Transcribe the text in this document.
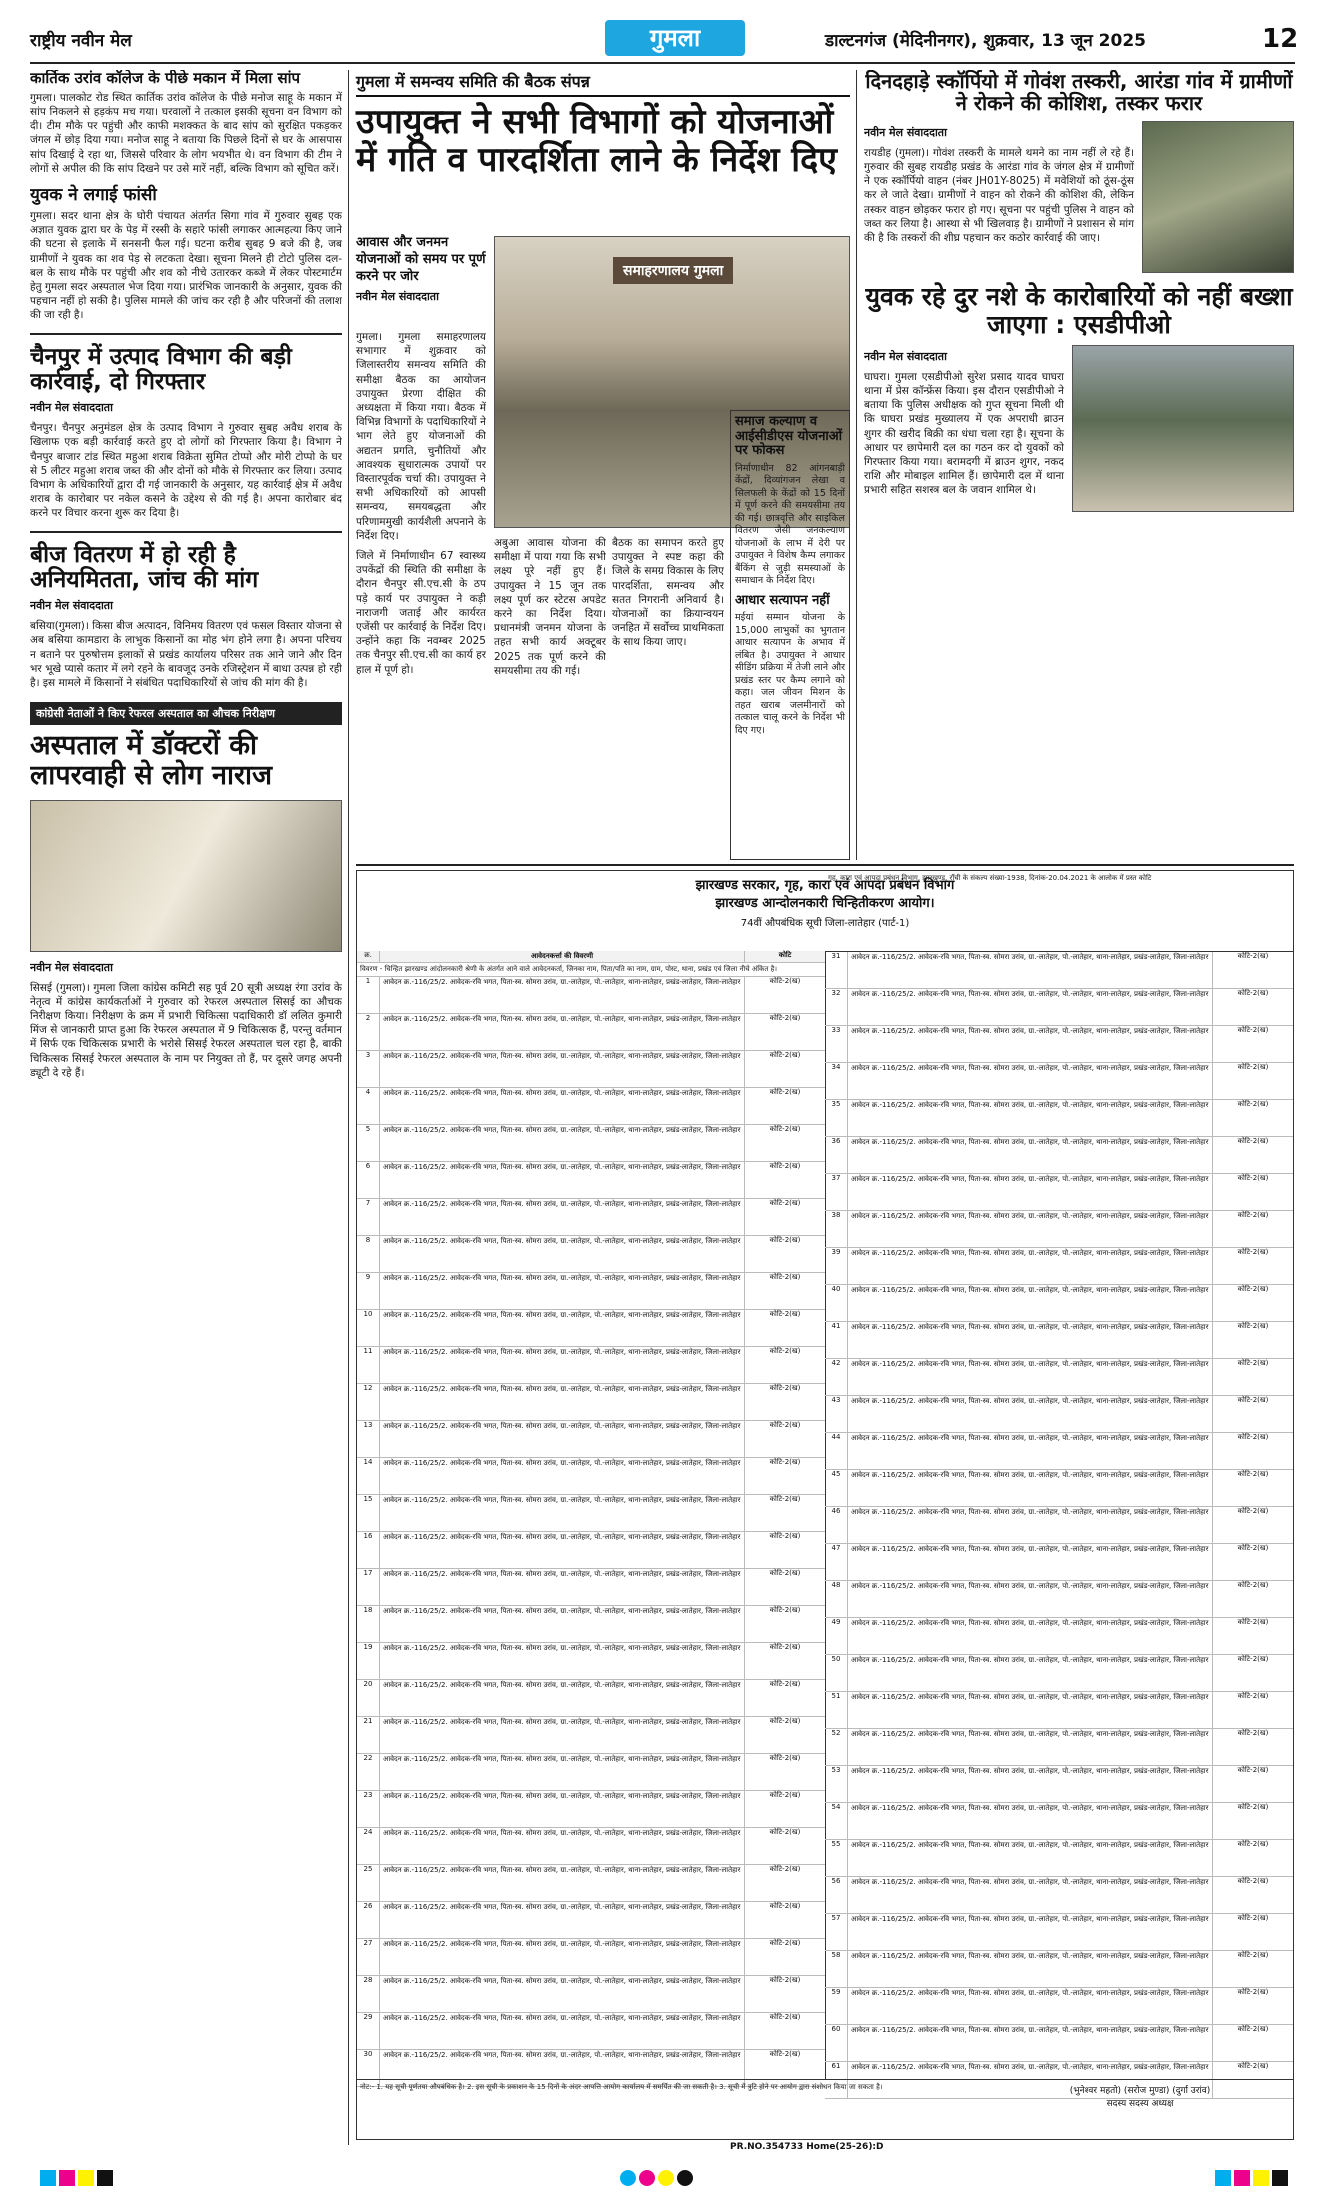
राष्ट्रीय नवीन मेल	गुमला	डाल्टनगंज (मेदिनीनगर), शुक्रवार, 13 जून 2025	12
कार्तिक उरांव कॉलेज के पीछे मकान में मिला सांप

गुमला। पालकोट रोड स्थित कार्तिक उरांव कॉलेज के पीछे मनोज साहू के मकान में सांप निकलने से हड़कंप मच गया। घरवालों ने तत्काल इसकी सूचना वन विभाग को दी। टीम मौके पर पहुंची और काफी मशक्कत के बाद सांप को सुरक्षित पकड़कर जंगल में छोड़ दिया गया। मनोज साहू ने बताया कि पिछले दिनों से घर के आसपास सांप दिखाई दे रहा था, जिससे परिवार के लोग भयभीत थे। वन विभाग की टीम ने लोगों से अपील की कि सांप दिखने पर उसे मारें नहीं, बल्कि विभाग को सूचित करें।

युवक ने लगाई फांसी

गुमला। सदर थाना क्षेत्र के घोरी पंचायत अंतर्गत सिगा गांव में गुरुवार सुबह एक अज्ञात युवक द्वारा घर के पेड़ में रस्सी के सहारे फांसी लगाकर आत्महत्या किए जाने की घटना से इलाके में सनसनी फैल गई। घटना करीब सुबह 9 बजे की है, जब ग्रामीणों ने युवक का शव पेड़ से लटकता देखा। सूचना मिलने ही टोटो पुलिस दल-बल के साथ मौके पर पहुंची और शव को नीचे उतारकर कब्जे में लेकर पोस्टमार्टम हेतु गुमला सदर अस्पताल भेज दिया गया। प्रारंभिक जानकारी के अनुसार, युवक की पहचान नहीं हो सकी है। पुलिस मामले की जांच कर रही है और परिजनों की तलाश की जा रही है।

चैनपुर में उत्पाद विभाग की बड़ी कार्रवाई, दो गिरफ्तार
नवीन मेल संवाददाता

चैनपुर। चैनपुर अनुमंडल क्षेत्र के उत्पाद विभाग ने गुरुवार सुबह अवैध शराब के खिलाफ एक बड़ी कार्रवाई करते हुए दो लोगों को गिरफ्तार किया है। विभाग ने चैनपुर बाजार टांड स्थित महुआ शराब विक्रेता सुमित टोप्पो और मोरी टोप्पो के घर से 5 लीटर महुआ शराब जब्त की और दोनों को मौके से गिरफ्तार कर लिया। उत्पाद विभाग के अधिकारियों द्वारा दी गई जानकारी के अनुसार, यह कार्रवाई क्षेत्र में अवैध शराब के कारोबार पर नकेल कसने के उद्देश्य से की गई है। अपना कारोबार बंद करने पर विचार करना शुरू कर दिया है।

बीज वितरण में हो रही है अनियमितता, जांच की मांग
नवीन मेल संवाददाता

बसिया(गुमला)। किसा बीज अत्पादन, विनिमय वितरण एवं फसल विस्तार योजना से अब बसिया कामडारा के लाभुक किसानों का मोह भंग होने लगा है। अपना परिचय न बताने पर पुरुषोत्तम इलाकों से प्रखंड कार्यालय परिसर तक आने जाने और दिन भर भूखे प्यासे कतार में लगे रहने के बावजूद उनके रजिस्ट्रेशन में बाधा उत्पन्न हो रही है। इस मामले में किसानों ने संबंधित पदाधिकारियों से जांच की मांग की है।

कांग्रेसी नेताओं ने किए रेफरल अस्पताल का औचक निरीक्षण
अस्पताल में डॉक्टरों की लापरवाही से लोग नाराज
नवीन मेल संवाददाता

सिसई (गुमला)। गुमला जिला कांग्रेस कमिटी सह पूर्व 20 सूत्री अध्यक्ष रंगा उरांव के नेतृत्व में कांग्रेस कार्यकर्ताओं ने गुरुवार को रेफरल अस्पताल सिसई का औचक निरीक्षण किया। निरीक्षण के क्रम में प्रभारी चिकित्सा पदाधिकारी डॉ ललित कुमारी मिंज से जानकारी प्राप्त हुआ कि रेफरल अस्पताल में 9 चिकित्सक हैं, परन्तु वर्तमान में सिर्फ एक चिकित्सक प्रभारी के भरोसे सिसई रेफरल अस्पताल चल रहा है, बाकी चिकित्सक सिसई रेफरल अस्पताल के नाम पर नियुक्त तो हैं, पर दूसरे जगह अपनी ड्यूटी दे रहे हैं।

गुमला में समन्वय समिति की बैठक संपन्न
उपायुक्त ने सभी विभागों को योजनाओं में गति व पारदर्शिता लाने के निर्देश दिए
आवास और जनमन योजनाओं को समय पर पूर्ण करने पर जोर
नवीन मेल संवाददाता
समाहरणालय गुमला

गुमला। गुमला समाहरणालय सभागार में शुक्रवार को जिलास्तरीय समन्वय समिति की समीक्षा बैठक का आयोजन उपायुक्त प्रेरणा दीक्षित की अध्यक्षता में किया गया। बैठक में विभिन्न विभागों के पदाधिकारियों ने भाग लेते हुए योजनाओं की अद्यतन प्रगति, चुनौतियों और आवश्यक सुधारात्मक उपायों पर विस्तारपूर्वक चर्चा की। उपायुक्त ने सभी अधिकारियों को आपसी समन्वय, समयबद्धता और परिणाममुखी कार्यशैली अपनाने के निर्देश दिए।

जिले में निर्माणाधीन 67 स्वास्थ्य उपकेंद्रों की स्थिति की समीक्षा के दौरान चैनपुर सी.एच.सी के ठप पड़े कार्य पर उपायुक्त ने कड़ी नाराजगी जताई और कार्यरत एजेंसी पर कार्रवाई के निर्देश दिए। उन्होंने कहा कि नवम्बर 2025 तक चैनपुर सी.एच.सी का कार्य हर हाल में पूर्ण हो।

अबुआ आवास योजना की समीक्षा में पाया गया कि सभी लक्ष्य पूरे नहीं हुए हैं। उपायुक्त ने 15 जून तक लक्ष्य पूर्ण कर स्टेटस अपडेट करने का निर्देश दिया। प्रधानमंत्री जनमन योजना के तहत सभी कार्य अक्टूबर 2025 तक पूर्ण करने की समयसीमा तय की गई।

बैठक का समापन करते हुए उपायुक्त ने स्पष्ट कहा की जिले के समग्र विकास के लिए पारदर्शिता, समन्वय और सतत निगरानी अनिवार्य है। योजनाओं का क्रियान्वयन जनहित में सर्वोच्च प्राथमिकता के साथ किया जाए।

समाज कल्याण व आईसीडीएस योजनाओं पर फोकस

निर्माणाधीन 82 आंगनबाड़ी केंद्रों, दिव्यांगजन लेखा व सिलफली के केंद्रों को 15 दिनों में पूर्ण करने की समयसीमा तय की गई। छात्रवृत्ति और साइकिल वितरण जैसी जनकल्याण योजनाओं के लाभ में देरी पर उपायुक्त ने विशेष कैम्प लगाकर बैंकिंग से जुड़ी समस्याओं के समाधान के निर्देश दिए।

आधार सत्यापन नहीं

मईयां सम्मान योजना के 15,000 लाभुकों का भुगतान आधार सत्यापन के अभाव में लंबित है। उपायुक्त ने आधार सीडिंग प्रक्रिया में तेजी लाने और प्रखंड स्तर पर कैम्प लगाने को कहा। जल जीवन मिशन के तहत खराब जलमीनारों को तत्काल चालू करने के निर्देश भी दिए गए।

दिनदहाड़े स्कॉर्पियो में गोवंश तस्करी, आरंडा गांव में ग्रामीणों ने रोकने की कोशिश, तस्कर फरार
नवीन मेल संवाददाता

रायडीह (गुमला)। गोवंश तस्करी के मामले थमने का नाम नहीं ले रहे हैं। गुरुवार की सुबह रायडीह प्रखंड के आरंडा गांव के जंगल क्षेत्र में ग्रामीणों ने एक स्कॉर्पियो वाहन (नंबर JH01Y-8025) में मवेशियों को ठूंस-ठूंस कर ले जाते देखा। ग्रामीणों ने वाहन को रोकने की कोशिश की, लेकिन तस्कर वाहन छोड़कर फरार हो गए। सूचना पर पहुंची पुलिस ने वाहन को जब्त कर लिया है। आस्था से भी खिलवाड़ है। ग्रामीणों ने प्रशासन से मांग की है कि तस्करों की शीघ्र पहचान कर कठोर कार्रवाई की जाए।

युवक रहे दुर नशे के कारोबारियों को नहीं बख्शा जाएगा : एसडीपीओ
नवीन मेल संवाददाता

घाघरा। गुमला एसडीपीओ सुरेश प्रसाद यादव घाघरा थाना में प्रेस कॉन्फ्रेंस किया। इस दौरान एसडीपीओ ने बताया कि पुलिस अधीक्षक को गुप्त सूचना मिली थी कि घाघरा प्रखंड मुख्यालय में एक अपराधी ब्राउन शुगर की खरीद बिक्री का धंधा चला रहा है। सूचना के आधार पर छापेमारी दल का गठन कर दो युवकों को गिरफ्तार किया गया। बरामदगी में ब्राउन शुगर, नकद राशि और मोबाइल शामिल हैं। छापेमारी दल में थाना प्रभारी सहित सशस्त्र बल के जवान शामिल थे।

झारखण्ड सरकार, गृह, कारा एवं आपदा प्रबंधन विभाग
झारखण्ड आन्दोलनकारी चिन्हितीकरण आयोग।
74वीं औपबंधिक सूची जिला-लातेहार (पार्ट-1)
क्र.	आवेदनकर्त्ता की विवरणी	कोटि
विवरण - चिन्हित झारखण्ड आंदोलनकारी श्रेणी के अंतर्गत आने वाले आवेदनकर्ता, जिनका नाम, पिता/पति का नाम, ग्राम, पोस्ट, थाना, प्रखंड एवं जिला नीचे अंकित है।
1	आवेदन क्र.-116/25/2. आवेदक-रवि भगत, पिता-स्व. सोमरा उरांव, ग्रा.-लातेहार, पो.-लातेहार, थाना-लातेहार, प्रखंड-लातेहार, जिला-लातेहार	कोटि-2(ख)
2	आवेदन क्र.-116/25/2. आवेदक-रवि भगत, पिता-स्व. सोमरा उरांव, ग्रा.-लातेहार, पो.-लातेहार, थाना-लातेहार, प्रखंड-लातेहार, जिला-लातेहार	कोटि-2(ख)
3	आवेदन क्र.-116/25/2. आवेदक-रवि भगत, पिता-स्व. सोमरा उरांव, ग्रा.-लातेहार, पो.-लातेहार, थाना-लातेहार, प्रखंड-लातेहार, जिला-लातेहार	कोटि-2(ख)
4	आवेदन क्र.-116/25/2. आवेदक-रवि भगत, पिता-स्व. सोमरा उरांव, ग्रा.-लातेहार, पो.-लातेहार, थाना-लातेहार, प्रखंड-लातेहार, जिला-लातेहार	कोटि-2(ख)
5	आवेदन क्र.-116/25/2. आवेदक-रवि भगत, पिता-स्व. सोमरा उरांव, ग्रा.-लातेहार, पो.-लातेहार, थाना-लातेहार, प्रखंड-लातेहार, जिला-लातेहार	कोटि-2(ख)
6	आवेदन क्र.-116/25/2. आवेदक-रवि भगत, पिता-स्व. सोमरा उरांव, ग्रा.-लातेहार, पो.-लातेहार, थाना-लातेहार, प्रखंड-लातेहार, जिला-लातेहार	कोटि-2(ख)
7	आवेदन क्र.-116/25/2. आवेदक-रवि भगत, पिता-स्व. सोमरा उरांव, ग्रा.-लातेहार, पो.-लातेहार, थाना-लातेहार, प्रखंड-लातेहार, जिला-लातेहार	कोटि-2(ख)
8	आवेदन क्र.-116/25/2. आवेदक-रवि भगत, पिता-स्व. सोमरा उरांव, ग्रा.-लातेहार, पो.-लातेहार, थाना-लातेहार, प्रखंड-लातेहार, जिला-लातेहार	कोटि-2(ख)
9	आवेदन क्र.-116/25/2. आवेदक-रवि भगत, पिता-स्व. सोमरा उरांव, ग्रा.-लातेहार, पो.-लातेहार, थाना-लातेहार, प्रखंड-लातेहार, जिला-लातेहार	कोटि-2(ख)
10	आवेदन क्र.-116/25/2. आवेदक-रवि भगत, पिता-स्व. सोमरा उरांव, ग्रा.-लातेहार, पो.-लातेहार, थाना-लातेहार, प्रखंड-लातेहार, जिला-लातेहार	कोटि-2(ख)
11	आवेदन क्र.-116/25/2. आवेदक-रवि भगत, पिता-स्व. सोमरा उरांव, ग्रा.-लातेहार, पो.-लातेहार, थाना-लातेहार, प्रखंड-लातेहार, जिला-लातेहार	कोटि-2(ख)
12	आवेदन क्र.-116/25/2. आवेदक-रवि भगत, पिता-स्व. सोमरा उरांव, ग्रा.-लातेहार, पो.-लातेहार, थाना-लातेहार, प्रखंड-लातेहार, जिला-लातेहार	कोटि-2(ख)
13	आवेदन क्र.-116/25/2. आवेदक-रवि भगत, पिता-स्व. सोमरा उरांव, ग्रा.-लातेहार, पो.-लातेहार, थाना-लातेहार, प्रखंड-लातेहार, जिला-लातेहार	कोटि-2(ख)
14	आवेदन क्र.-116/25/2. आवेदक-रवि भगत, पिता-स्व. सोमरा उरांव, ग्रा.-लातेहार, पो.-लातेहार, थाना-लातेहार, प्रखंड-लातेहार, जिला-लातेहार	कोटि-2(ख)
15	आवेदन क्र.-116/25/2. आवेदक-रवि भगत, पिता-स्व. सोमरा उरांव, ग्रा.-लातेहार, पो.-लातेहार, थाना-लातेहार, प्रखंड-लातेहार, जिला-लातेहार	कोटि-2(ख)
16	आवेदन क्र.-116/25/2. आवेदक-रवि भगत, पिता-स्व. सोमरा उरांव, ग्रा.-लातेहार, पो.-लातेहार, थाना-लातेहार, प्रखंड-लातेहार, जिला-लातेहार	कोटि-2(ख)
17	आवेदन क्र.-116/25/2. आवेदक-रवि भगत, पिता-स्व. सोमरा उरांव, ग्रा.-लातेहार, पो.-लातेहार, थाना-लातेहार, प्रखंड-लातेहार, जिला-लातेहार	कोटि-2(ख)
18	आवेदन क्र.-116/25/2. आवेदक-रवि भगत, पिता-स्व. सोमरा उरांव, ग्रा.-लातेहार, पो.-लातेहार, थाना-लातेहार, प्रखंड-लातेहार, जिला-लातेहार	कोटि-2(ख)
19	आवेदन क्र.-116/25/2. आवेदक-रवि भगत, पिता-स्व. सोमरा उरांव, ग्रा.-लातेहार, पो.-लातेहार, थाना-लातेहार, प्रखंड-लातेहार, जिला-लातेहार	कोटि-2(ख)
20	आवेदन क्र.-116/25/2. आवेदक-रवि भगत, पिता-स्व. सोमरा उरांव, ग्रा.-लातेहार, पो.-लातेहार, थाना-लातेहार, प्रखंड-लातेहार, जिला-लातेहार	कोटि-2(ख)
21	आवेदन क्र.-116/25/2. आवेदक-रवि भगत, पिता-स्व. सोमरा उरांव, ग्रा.-लातेहार, पो.-लातेहार, थाना-लातेहार, प्रखंड-लातेहार, जिला-लातेहार	कोटि-2(ख)
22	आवेदन क्र.-116/25/2. आवेदक-रवि भगत, पिता-स्व. सोमरा उरांव, ग्रा.-लातेहार, पो.-लातेहार, थाना-लातेहार, प्रखंड-लातेहार, जिला-लातेहार	कोटि-2(ख)
23	आवेदन क्र.-116/25/2. आवेदक-रवि भगत, पिता-स्व. सोमरा उरांव, ग्रा.-लातेहार, पो.-लातेहार, थाना-लातेहार, प्रखंड-लातेहार, जिला-लातेहार	कोटि-2(ख)
24	आवेदन क्र.-116/25/2. आवेदक-रवि भगत, पिता-स्व. सोमरा उरांव, ग्रा.-लातेहार, पो.-लातेहार, थाना-लातेहार, प्रखंड-लातेहार, जिला-लातेहार	कोटि-2(ख)
25	आवेदन क्र.-116/25/2. आवेदक-रवि भगत, पिता-स्व. सोमरा उरांव, ग्रा.-लातेहार, पो.-लातेहार, थाना-लातेहार, प्रखंड-लातेहार, जिला-लातेहार	कोटि-2(ख)
26	आवेदन क्र.-116/25/2. आवेदक-रवि भगत, पिता-स्व. सोमरा उरांव, ग्रा.-लातेहार, पो.-लातेहार, थाना-लातेहार, प्रखंड-लातेहार, जिला-लातेहार	कोटि-2(ख)
27	आवेदन क्र.-116/25/2. आवेदक-रवि भगत, पिता-स्व. सोमरा उरांव, ग्रा.-लातेहार, पो.-लातेहार, थाना-लातेहार, प्रखंड-लातेहार, जिला-लातेहार	कोटि-2(ख)
28	आवेदन क्र.-116/25/2. आवेदक-रवि भगत, पिता-स्व. सोमरा उरांव, ग्रा.-लातेहार, पो.-लातेहार, थाना-लातेहार, प्रखंड-लातेहार, जिला-लातेहार	कोटि-2(ख)
29	आवेदन क्र.-116/25/2. आवेदक-रवि भगत, पिता-स्व. सोमरा उरांव, ग्रा.-लातेहार, पो.-लातेहार, थाना-लातेहार, प्रखंड-लातेहार, जिला-लातेहार	कोटि-2(ख)
30	आवेदन क्र.-116/25/2. आवेदक-रवि भगत, पिता-स्व. सोमरा उरांव, ग्रा.-लातेहार, पो.-लातेहार, थाना-लातेहार, प्रखंड-लातेहार, जिला-लातेहार	कोटि-2(ख)
गृह, कारा एवं आपदा प्रबंधन विभाग, झारखण्ड, राँची के संकल्प संख्या-1938, दिनांक-20.04.2021 के आलोक में प्रस्त कोटि
31	आवेदन क्र.-116/25/2. आवेदक-रवि भगत, पिता-स्व. सोमरा उरांव, ग्रा.-लातेहार, पो.-लातेहार, थाना-लातेहार, प्रखंड-लातेहार, जिला-लातेहार	कोटि-2(ख)
32	आवेदन क्र.-116/25/2. आवेदक-रवि भगत, पिता-स्व. सोमरा उरांव, ग्रा.-लातेहार, पो.-लातेहार, थाना-लातेहार, प्रखंड-लातेहार, जिला-लातेहार	कोटि-2(ख)
33	आवेदन क्र.-116/25/2. आवेदक-रवि भगत, पिता-स्व. सोमरा उरांव, ग्रा.-लातेहार, पो.-लातेहार, थाना-लातेहार, प्रखंड-लातेहार, जिला-लातेहार	कोटि-2(ख)
34	आवेदन क्र.-116/25/2. आवेदक-रवि भगत, पिता-स्व. सोमरा उरांव, ग्रा.-लातेहार, पो.-लातेहार, थाना-लातेहार, प्रखंड-लातेहार, जिला-लातेहार	कोटि-2(ख)
35	आवेदन क्र.-116/25/2. आवेदक-रवि भगत, पिता-स्व. सोमरा उरांव, ग्रा.-लातेहार, पो.-लातेहार, थाना-लातेहार, प्रखंड-लातेहार, जिला-लातेहार	कोटि-2(ख)
36	आवेदन क्र.-116/25/2. आवेदक-रवि भगत, पिता-स्व. सोमरा उरांव, ग्रा.-लातेहार, पो.-लातेहार, थाना-लातेहार, प्रखंड-लातेहार, जिला-लातेहार	कोटि-2(ख)
37	आवेदन क्र.-116/25/2. आवेदक-रवि भगत, पिता-स्व. सोमरा उरांव, ग्रा.-लातेहार, पो.-लातेहार, थाना-लातेहार, प्रखंड-लातेहार, जिला-लातेहार	कोटि-2(ख)
38	आवेदन क्र.-116/25/2. आवेदक-रवि भगत, पिता-स्व. सोमरा उरांव, ग्रा.-लातेहार, पो.-लातेहार, थाना-लातेहार, प्रखंड-लातेहार, जिला-लातेहार	कोटि-2(ख)
39	आवेदन क्र.-116/25/2. आवेदक-रवि भगत, पिता-स्व. सोमरा उरांव, ग्रा.-लातेहार, पो.-लातेहार, थाना-लातेहार, प्रखंड-लातेहार, जिला-लातेहार	कोटि-2(ख)
40	आवेदन क्र.-116/25/2. आवेदक-रवि भगत, पिता-स्व. सोमरा उरांव, ग्रा.-लातेहार, पो.-लातेहार, थाना-लातेहार, प्रखंड-लातेहार, जिला-लातेहार	कोटि-2(ख)
41	आवेदन क्र.-116/25/2. आवेदक-रवि भगत, पिता-स्व. सोमरा उरांव, ग्रा.-लातेहार, पो.-लातेहार, थाना-लातेहार, प्रखंड-लातेहार, जिला-लातेहार	कोटि-2(ख)
42	आवेदन क्र.-116/25/2. आवेदक-रवि भगत, पिता-स्व. सोमरा उरांव, ग्रा.-लातेहार, पो.-लातेहार, थाना-लातेहार, प्रखंड-लातेहार, जिला-लातेहार	कोटि-2(ख)
43	आवेदन क्र.-116/25/2. आवेदक-रवि भगत, पिता-स्व. सोमरा उरांव, ग्रा.-लातेहार, पो.-लातेहार, थाना-लातेहार, प्रखंड-लातेहार, जिला-लातेहार	कोटि-2(ख)
44	आवेदन क्र.-116/25/2. आवेदक-रवि भगत, पिता-स्व. सोमरा उरांव, ग्रा.-लातेहार, पो.-लातेहार, थाना-लातेहार, प्रखंड-लातेहार, जिला-लातेहार	कोटि-2(ख)
45	आवेदन क्र.-116/25/2. आवेदक-रवि भगत, पिता-स्व. सोमरा उरांव, ग्रा.-लातेहार, पो.-लातेहार, थाना-लातेहार, प्रखंड-लातेहार, जिला-लातेहार	कोटि-2(ख)
46	आवेदन क्र.-116/25/2. आवेदक-रवि भगत, पिता-स्व. सोमरा उरांव, ग्रा.-लातेहार, पो.-लातेहार, थाना-लातेहार, प्रखंड-लातेहार, जिला-लातेहार	कोटि-2(ख)
47	आवेदन क्र.-116/25/2. आवेदक-रवि भगत, पिता-स्व. सोमरा उरांव, ग्रा.-लातेहार, पो.-लातेहार, थाना-लातेहार, प्रखंड-लातेहार, जिला-लातेहार	कोटि-2(ख)
48	आवेदन क्र.-116/25/2. आवेदक-रवि भगत, पिता-स्व. सोमरा उरांव, ग्रा.-लातेहार, पो.-लातेहार, थाना-लातेहार, प्रखंड-लातेहार, जिला-लातेहार	कोटि-2(ख)
49	आवेदन क्र.-116/25/2. आवेदक-रवि भगत, पिता-स्व. सोमरा उरांव, ग्रा.-लातेहार, पो.-लातेहार, थाना-लातेहार, प्रखंड-लातेहार, जिला-लातेहार	कोटि-2(ख)
50	आवेदन क्र.-116/25/2. आवेदक-रवि भगत, पिता-स्व. सोमरा उरांव, ग्रा.-लातेहार, पो.-लातेहार, थाना-लातेहार, प्रखंड-लातेहार, जिला-लातेहार	कोटि-2(ख)
51	आवेदन क्र.-116/25/2. आवेदक-रवि भगत, पिता-स्व. सोमरा उरांव, ग्रा.-लातेहार, पो.-लातेहार, थाना-लातेहार, प्रखंड-लातेहार, जिला-लातेहार	कोटि-2(ख)
52	आवेदन क्र.-116/25/2. आवेदक-रवि भगत, पिता-स्व. सोमरा उरांव, ग्रा.-लातेहार, पो.-लातेहार, थाना-लातेहार, प्रखंड-लातेहार, जिला-लातेहार	कोटि-2(ख)
53	आवेदन क्र.-116/25/2. आवेदक-रवि भगत, पिता-स्व. सोमरा उरांव, ग्रा.-लातेहार, पो.-लातेहार, थाना-लातेहार, प्रखंड-लातेहार, जिला-लातेहार	कोटि-2(ख)
54	आवेदन क्र.-116/25/2. आवेदक-रवि भगत, पिता-स्व. सोमरा उरांव, ग्रा.-लातेहार, पो.-लातेहार, थाना-लातेहार, प्रखंड-लातेहार, जिला-लातेहार	कोटि-2(ख)
55	आवेदन क्र.-116/25/2. आवेदक-रवि भगत, पिता-स्व. सोमरा उरांव, ग्रा.-लातेहार, पो.-लातेहार, थाना-लातेहार, प्रखंड-लातेहार, जिला-लातेहार	कोटि-2(ख)
56	आवेदन क्र.-116/25/2. आवेदक-रवि भगत, पिता-स्व. सोमरा उरांव, ग्रा.-लातेहार, पो.-लातेहार, थाना-लातेहार, प्रखंड-लातेहार, जिला-लातेहार	कोटि-2(ख)
57	आवेदन क्र.-116/25/2. आवेदक-रवि भगत, पिता-स्व. सोमरा उरांव, ग्रा.-लातेहार, पो.-लातेहार, थाना-लातेहार, प्रखंड-लातेहार, जिला-लातेहार	कोटि-2(ख)
58	आवेदन क्र.-116/25/2. आवेदक-रवि भगत, पिता-स्व. सोमरा उरांव, ग्रा.-लातेहार, पो.-लातेहार, थाना-लातेहार, प्रखंड-लातेहार, जिला-लातेहार	कोटि-2(ख)
59	आवेदन क्र.-116/25/2. आवेदक-रवि भगत, पिता-स्व. सोमरा उरांव, ग्रा.-लातेहार, पो.-लातेहार, थाना-लातेहार, प्रखंड-लातेहार, जिला-लातेहार	कोटि-2(ख)
60	आवेदन क्र.-116/25/2. आवेदक-रवि भगत, पिता-स्व. सोमरा उरांव, ग्रा.-लातेहार, पो.-लातेहार, थाना-लातेहार, प्रखंड-लातेहार, जिला-लातेहार	कोटि-2(ख)
61	आवेदन क्र.-116/25/2. आवेदक-रवि भगत, पिता-स्व. सोमरा उरांव, ग्रा.-लातेहार, पो.-लातेहार, थाना-लातेहार, प्रखंड-लातेहार, जिला-लातेहार	कोटि-2(ख)
नोट:- 1. यह सूची पूर्णतया औपबंधिक है। 2. इस सूची के प्रकाशन के 15 दिनों के अंदर आपत्ति आयोग कार्यालय में समर्पित की जा सकती है। 3. सूची में त्रुटि होने पर आयोग द्वारा संशोधन किया जा सकता है।	(भुनेश्वर महतो) (सरोज मुण्डा) (दुर्गा उरांव)
सदस्य सदस्य अध्यक्ष
PR.NO.354733 Home(25-26):D
